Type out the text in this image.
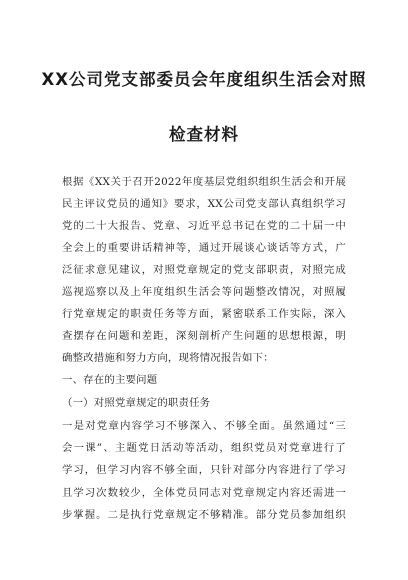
XX公司党支部委员会年度组织生活会对照
检查材料
根据《XX关于召开2022年度基层党组织组织生活会和开展
民主评议党员的通知》要求，XX公司党支部认真组织学习
党的二十大报告、党章、习近平总书记在党的二十届一中
全会上的重要讲话精神等，通过开展谈心谈话等方式，广
泛征求意见建议，对照党章规定的党支部职责，对照完成
巡视巡察以及上年度组织生活会等问题整改情况，对照履
行党章规定的职责任务等方面，紧密联系工作实际，深入
查摆存在问题和差距，深刻剖析产生问题的思想根源，明
确整改措施和努力方向，现将情况报告如下：
一、存在的主要问题
（一）对照党章规定的职责任务
一是对党章内容学习不够深入、不够全面。虽然通过“三
会一课”、主题党日活动等活动，组织党员对党章进行了
学习，但学习内容不够全面，只针对部分内容进行了学习
且学习次数较少，全体党员同志对党章规定内容还需进一
步掌握。二是执行党章规定不够精准。部分党员参加组织
